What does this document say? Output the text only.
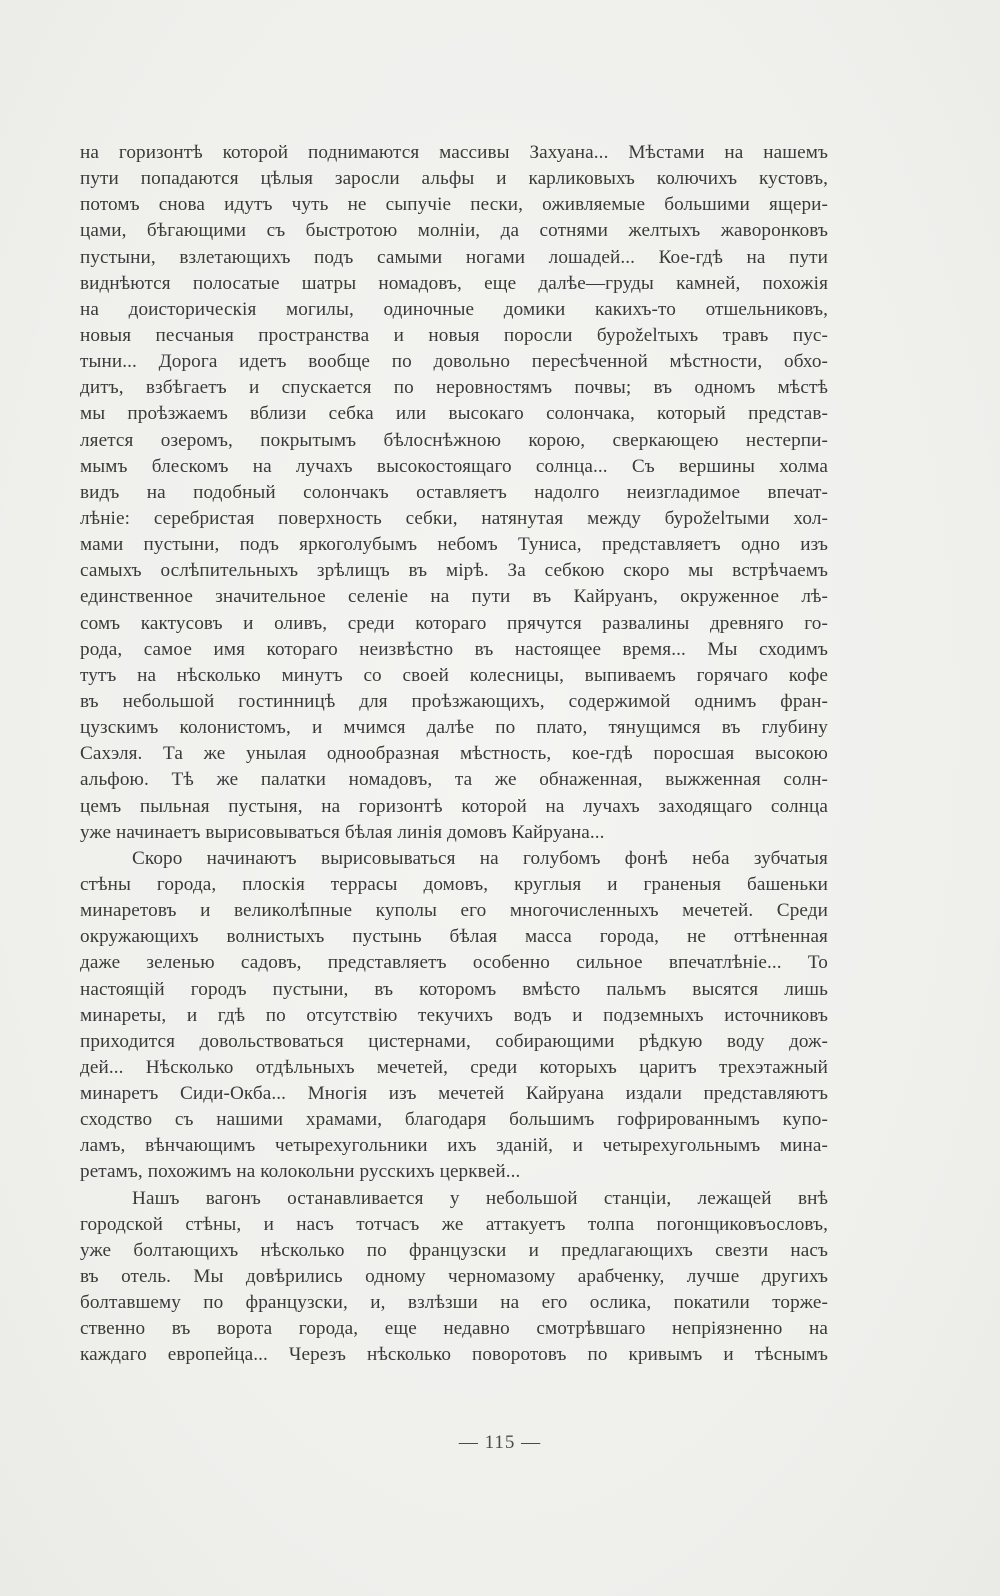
на горизонтѣ которой поднимаются массивы Захуана... Мѣстами на нашемъ
пути попадаются цѣлыя заросли альфы и карликовыхъ колючихъ кустовъ,
потомъ снова идутъ чуть не сыпучіе пески, оживляемые большими ящери-
цами, бѣгающими съ быстротою молніи, да сотнями желтыхъ жаворонковъ
пустыни, взлетающихъ подъ самыми ногами лошадей... Кое-гдѣ на пути
виднѣются полосатые шатры номадовъ, еще далѣе—груды камней, похожія
на доисторическія могилы, одиночные домики какихъ-то отшельниковъ,
новыя песчаныя пространства и новыя поросли буроželтыхъ травъ пус-
тыни... Дорога идетъ вообще по довольно пересѣченной мѣстности, обхо-
дитъ, взбѣгаетъ и спускается по неровностямъ почвы; въ одномъ мѣстѣ
мы проѣзжаемъ вблизи себка или высокаго солончака, который представ-
ляется озеромъ, покрытымъ бѣлоснѣжною корою, сверкающею нестерпи-
мымъ блескомъ на лучахъ высокостоящаго солнца... Съ вершины холма
видъ на подобный солончакъ оставляетъ надолго неизгладимое впечат-
лѣніе: серебристая поверхность себки, натянутая между буроželтыми хол-
мами пустыни, подъ яркоголубымъ небомъ Туниса, представляетъ одно изъ
самыхъ ослѣпительныхъ зрѣлищъ въ мірѣ. За себкою скоро мы встрѣчаемъ
единственное значительное селеніе на пути въ Кайруанъ, окруженное лѣ-
сомъ кактусовъ и оливъ, среди котораго прячутся развалины древняго го-
рода, самое имя котораго неизвѣстно въ настоящее время... Мы сходимъ
тутъ на нѣсколько минутъ со своей колесницы, выпиваемъ горячаго кофе
въ небольшой гостинницѣ для проѣзжающихъ, содержимой однимъ фран-
цузскимъ колонистомъ, и мчимся далѣе по плато, тянущимся въ глубину
Сахэля. Та же унылая однообразная мѣстность, кое-гдѣ поросшая высокою
альфою. Тѣ же палатки номадовъ, та же обнаженная, выжженная солн-
цемъ пыльная пустыня, на горизонтѣ которой на лучахъ заходящаго солнца
уже начинаетъ вырисовываться бѣлая линія домовъ Кайруана...
Скоро начинаютъ вырисовываться на голубомъ фонѣ неба зубчатыя
стѣны города, плоскія террасы домовъ, круглыя и граненыя башеньки
минаретовъ и великолѣпные куполы его многочисленныхъ мечетей. Среди
окружающихъ волнистыхъ пустынь бѣлая масса города, не оттѣненная
даже зеленью садовъ, представляетъ особенно сильное впечатлѣніе... То
настоящій городъ пустыни, въ которомъ вмѣсто пальмъ высятся лишь
минареты, и гдѣ по отсутствію текучихъ водъ и подземныхъ источниковъ
приходится довольствоваться цистернами, собирающими рѣдкую воду дож-
дей... Нѣсколько отдѣльныхъ мечетей, среди которыхъ царитъ трехэтажный
минаретъ Сиди-Окба... Многія изъ мечетей Кайруана издали представляютъ
сходство съ нашими храмами, благодаря большимъ гофрированнымъ купо-
ламъ, вѣнчающимъ четырехугольники ихъ зданій, и четырехугольнымъ мина-
ретамъ, похожимъ на колокольни русскихъ церквей...
Нашъ вагонъ останавливается у небольшой станціи, лежащей внѣ
городской стѣны, и насъ тотчасъ же аттакуетъ толпа погонщиковъословъ,
уже болтающихъ нѣсколько по французски и предлагающихъ свезти насъ
въ отель. Мы довѣрились одному черномазому арабченку, лучше другихъ
болтавшему по французски, и, взлѣзши на его ослика, покатили торже-
ственно въ ворота города, еще недавно смотрѣвшаго непріязненно на
каждаго европейца... Черезъ нѣсколько поворотовъ по кривымъ и тѣснымъ
— 115 —
